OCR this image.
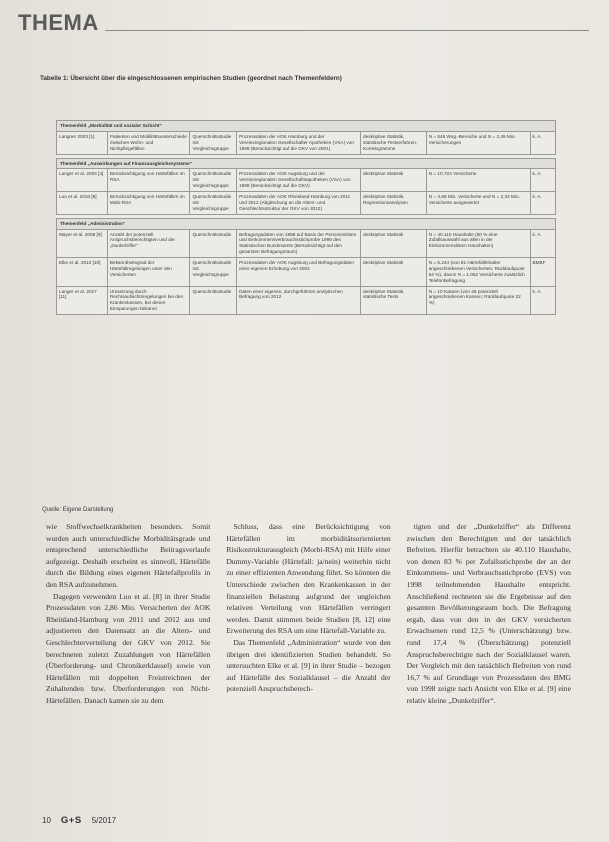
THEMA
Tabelle 1: Übersicht über die eingeschlossenen empirischen Studien (geordnet nach Themenfeldern)
Themenfeld „Morbidität und sozialer Schicht“						
Langner 2003 [1]	Patienten und Mobilitätsunterschiede zwischen Wohn- und Nichtpflegefällen	Querschnittsstudie mit Vergleichsgruppe	Prozessdaten der AOK Hamburg und der Vereinsregionalen Gesellschafter Apotheken (VSA) von 1998 (Berücksichtigt auf die GKV von 2001)	deskriptive Statistik, statistische Testverfahren, Korrelogramme	N = 546 Wsg.-Bereiche und N = 2,49 Mio. Versicherungen	k. A.

Themenfeld „Auswirkungen auf Finanzausgleichssysteme“						
Langer et al. 2003 [4]	Berücksichtigung von Härtefällen im RSA	Querschnittsstudie mit Vergleichsgruppe	Prozessdaten der AOK Augsburg und der Vereinsregionalen Gesellschaftsapotheken (VSA) von 1998 (Berücksichtigt auf die GKV)	deskriptive Statistik	N = 10,723 Versicherte	k. A.
Luo et al. 2016 [8]	Berücksichtigung von Härtefällen im Mobi-RSA	Querschnittsstudie mit Vergleichsgruppe	Prozessdaten der AOK Rheinland-Hamburg von 2011 und 2012 (Abgleichung an die Alters- und Geschlechtsstruktur der GKV von 2012)	deskriptive Statistik, Regressionsanalysen	N = 3,68 Mio. Versicherte und N = 2,34 Mio. Versicherte ausgewertet	k. A.

Themenfeld „Administration“						
Mayer et al. 2008 [9]	Anzahl der potenziell Anspruchsberechtigten und der „Dunkelziffer“	Querschnittsstudie	Befragungsdaten von 1998 auf Basis der Personenlisten und Einkommensverbrauchsstichprobe 1998 des Statistischen Bundesamts (Berücksichtigt auf den gesamten Befragungsraum)	deskriptive Statistik	N = 40.110 Haushalte (80 % eine Zufallsauswahl aus allen in der Einkommenslisten Haushalten)	k. A.
Elke et al. 2010 [10]	Bekanntheitsgrad der Härtefallregelungen unter den Versicherten	Querschnittsstudie mit Vergleichsgruppe	Prozessdaten der AOK Augsburg und Befragungsdaten einer eigenen Erhebung von 2002	deskriptive Statistik	N = 6.244 (von 81 Härtefallinhaber angeschriebenen Versicherten; Rücklaufquote 64 %), davon N = 1.062 Versicherte zusätzlich Telefonbefragung	BMBF
Langer et al. 2017 [11]	Umsetzung durch Rechtsaufsichtsregelungen bei den Krankenkassen, bei denen Einsparungen bekannt	Querschnittsstudie	Daten einer eigenen, durchgeführten analytischen Befragung von 2012	deskriptive Statistik, statistische Tests	N = 10 Kassen (von 46 potenziell angeschriebenen Kassen; Rücklaufquote 22 %)	k. A.
Quelle: Eigene Darstellung

wie Stoffwechselkrankheiten besonders. Somit wurden auch unterschiedliche Morbiditätsgrade und entsprechend unterschiedliche Beitragsverlaufe aufgezeigt. Deshalb erscheint es sinnvoll, Härtefälle durch die Bildung eines eigenen Härtefallprofils in den RSA aufzunehmen.

Dagegen verwenden Luo et al. [8] in ihrer Studie Prozessdaten von 2,86 Mio. Versicherten der AOK Rheinland-Hamburg von 2011 und 2012 aus und adjustierten den Datensatz an die Alters- und Geschlechterverteilung der GKV von 2012. Sie berechneten zuletzt Zuzahlungen von Härtefällen (Überforderung- und Chronikerklausel) sowie von Härtefällen mit doppelten Freistreichnen der Zuhaltenden bzw. Überforderungen von Nicht-Härtefällen. Danach kamen sie zu dem

Schluss, dass eine Berücksichtigung von Härtefällen im morbiditätsorientierten Risikostrukturausgleich (Morbi-RSA) mit Hilfe einer Dummy-Variable (Härtefall: ja/nein) weiterhin nicht zu einer effizienten Anwendung führt. So könnten die Unterschiede zwischen den Krankenkassen in der finanziellen Belastung aufgrund der ungleichen relativen Verteilung von Härtefällen verringert werden. Damit stimmen beide Studien [8, 12] eine Erweiterung des RSA um eine Härtefall-Variable zu.

Das Themenfeld „Administration“ wurde von den übrigen drei identifizierten Studien behandelt. So untersuchten Elke et al. [9] in ihrer Studie – bezogen auf Härtefälle des Sozialklausel – die Anzahl der potenziell Anspruchsberech-

tigten und der „Dunkelziffer“ als Differenz zwischen den Berechtigten und der tatsächlich Befreiten. Hierfür betrachten sie 40.110 Haushalte, von denen 83 % per Zufallsstichprobe der an der Einkommens- und Verbrauchsstichprobe (EVS) von 1998 teilnehmenden Haushalte entspricht. Anschließend rechneten sie die Ergebnisse auf den gesamten Bevölkerungsraum hoch. Die Befragung ergab, dass von den in der GKV versicherten Erwachsenen rund 12,5 % (Unterschätzung) bzw. rund 17,4 % (Überschätzung) potenziell Anspruchsberechtigte nach der Sozialklausel waren. Der Vergleich mit den tatsächlich Befreiten von rund 16,7 % auf Grundlage von Prozessdaten des BMG von 1998 zeigte nach Ansicht von Elke et al. [9] eine relativ kleine „Dunkelziffer“.

10 G+S 5/2017
